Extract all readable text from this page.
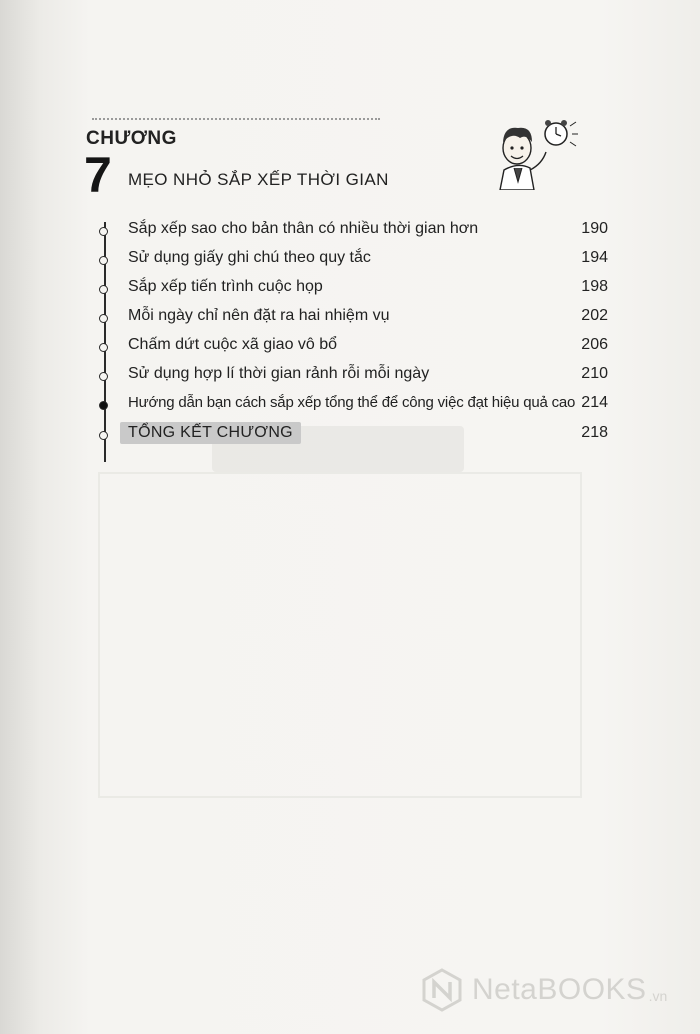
CHƯƠNG
7 MẸO NHỎ SẮP XẾP THỜI GIAN
Sắp xếp sao cho bản thân có nhiều thời gian hơn	190
Sử dụng giấy ghi chú theo quy tắc	194
Sắp xếp tiến trình cuộc họp	198
Mỗi ngày chỉ nên đặt ra hai nhiệm vụ	202
Chấm dứt cuộc xã giao vô bổ	206
Sử dụng hợp lí thời gian rảnh rỗi mỗi ngày	210
Hướng dẫn bạn cách sắp xếp tổng thể để công việc đạt hiệu quả cao 214
TỔNG KẾT CHƯƠNG	218
NetaBOOKS .vn
